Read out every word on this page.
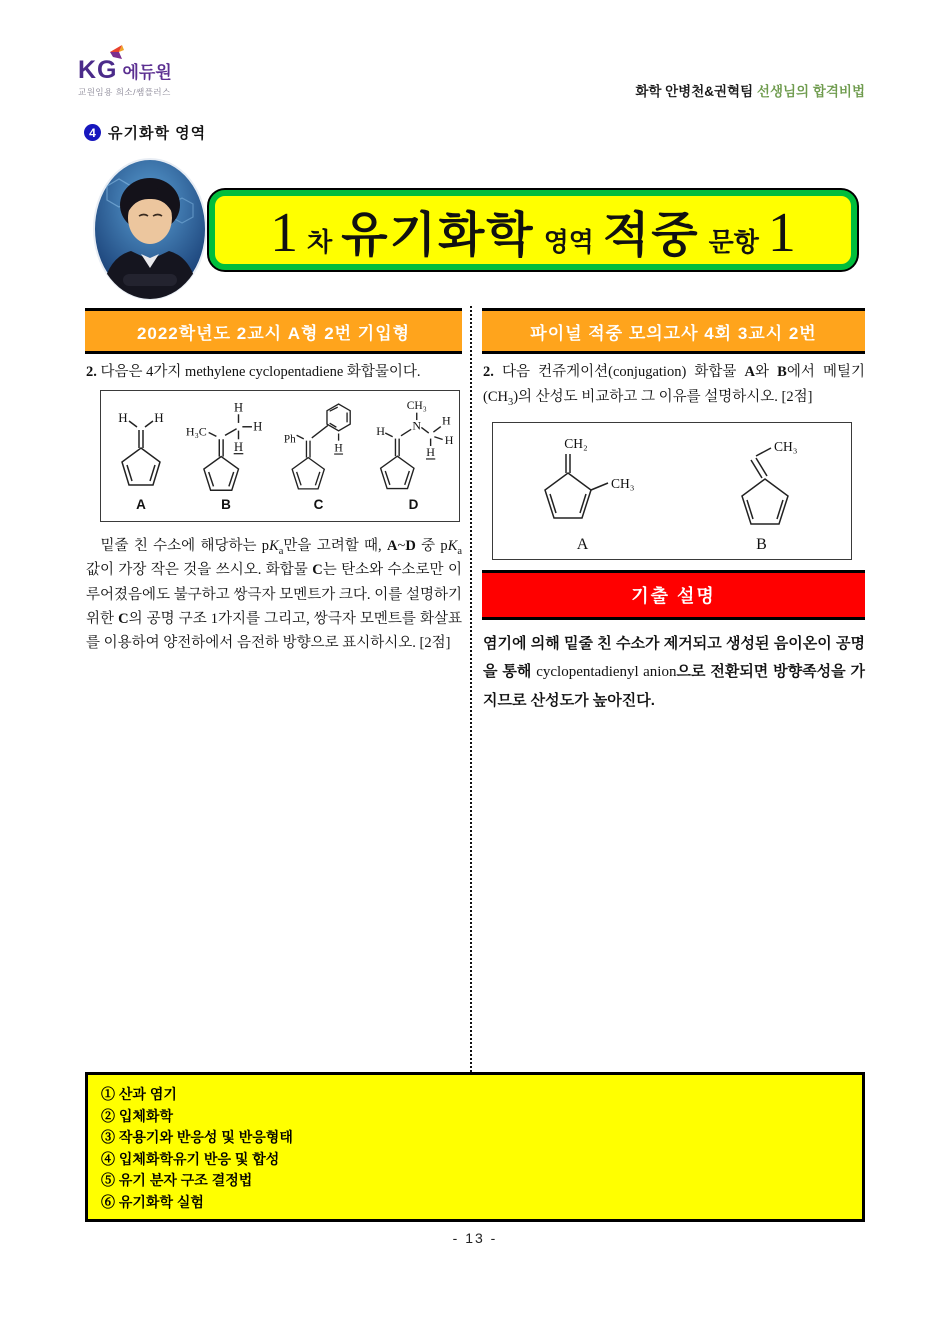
KG 에듀원
교원임용 희소/쌤플러스	화학 안병천&권혁팀 선생님의 합격비법
4 유기화학 영역
1 차 유기화학 영역 적중 문항 1
2022학년도 2교시 A형 2번 기입형	파이널 적중 모의고사 4회 3교시 2번
2. 다음은 4가지 methylene cyclopentadiene 화합물이다.
H H
A
H₃C
H
H
H
B
Ph
H
C
H N
CH₃
H
H
H
D
밑줄 친 수소에 해당하는 $pK_a$만을 고려할 때, A~D 중 $pK_a$ 값이 가장 작은 것을 쓰시오. 화합물 C는 탄소와 수소로만 이루어졌음에도 불구하고 쌍극자 모멘트가 크다. 이를 설명하기 위한 C의 공명 구조 1가지를 그리고, 쌍극자 모멘트를 화살표를 이용하여 양전하에서 음전하 방향으로 표시하시오. [2점]
2. 다음 컨쥬게이션(conjugation) 화합물 A와 B에서 메틸기 $(CH_3)$의 산성도 비교하고 그 이유를 설명하시오. [2점]
CH₂
CH₃
A
CH₃
B
기출 설명
염기에 의해 밑줄 친 수소가 제거되고 생성된 음이온이 공명을 통해 cyclopentadienyl anion으로 전환되면 방향족성을 가지므로 산성도가 높아진다.
① 산과 염기
② 입체화학
③ 작용기와 반응성 및 반응형태
④ 입체화학유기 반응 및 합성
⑤ 유기 분자 구조 결정법
⑥ 유기화학 실험
- 13 -
